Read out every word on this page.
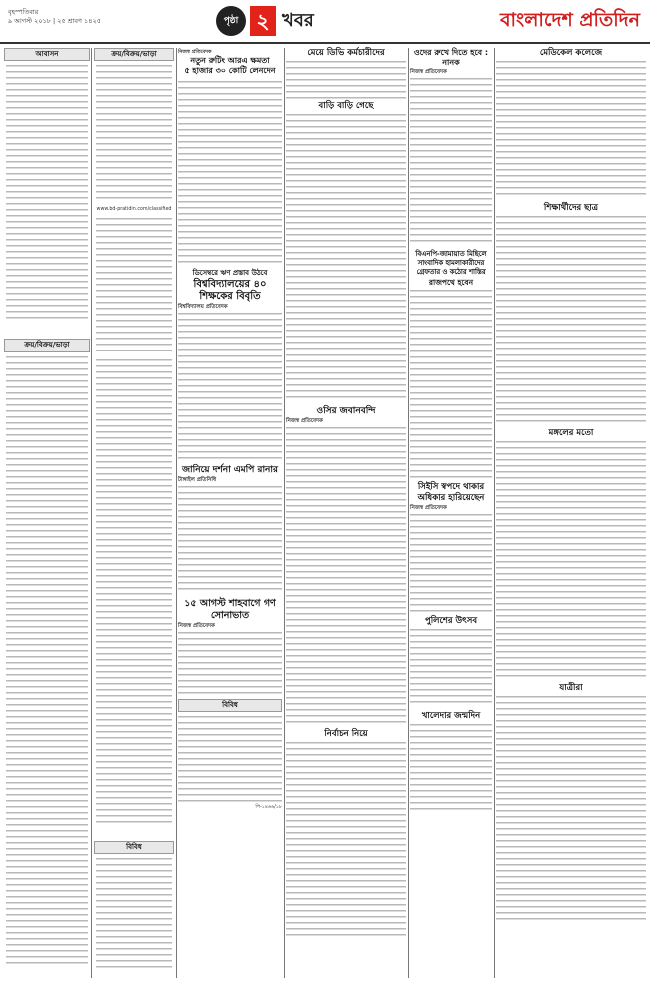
বৃহস্পতিবার
৯ আগস্ট ২০১৮ | ২৫ শ্রাবণ ১৪২৫	পৃষ্ঠা ২ খবর	বাংলাদেশ প্রতিদিন
আবাসন
ক্রয়/বিক্রয়/ভাড়া
ক্রয়/বিক্রয়/ভাড়া
www.bd-pratidin.com/classified
বিবিধ
নিজস্ব প্রতিবেদক
নতুন রুটিং আরএ ক্ষমতা
৫ হাজার ৩০ কোটি লেনদেন
ডিসেম্বরে ঋণ প্রস্তাব উঠবে
বিশ্ববিদ্যালয়ের ৪০ শিক্ষকের বিবৃতি
বিশ্ববিদ্যালয় প্রতিবেদক
জানিয়ে দর্শনা এমপি রানার
টাঙ্গাইল প্রতিনিধি
১৫ আগস্ট শাহবাগে গণ সোনাভাত
নিজস্ব প্রতিবেদক
বিবিধ
পি-১৪৬৬/১৮
মেয়ে ডিভি কর্মচারীদের
বাড়ি বাড়ি গেছে
ওসির জবানবন্দি
নিজস্ব প্রতিবেদক
নির্বাচন নিয়ে
ওদের রুখে দিতে হবে : নানক
নিজস্ব প্রতিবেদক
বিএনপি-জামায়াত মিছিলে সাংবাদিক হামলাকারীদের গ্রেফতার ও কঠোর শাস্তির
রাজপথে হবেন
সিইসি স্বপদে থাকার অধিকার হারিয়েছেন
নিজস্ব প্রতিবেদক
পুলিশের উৎসব
খালেদার জন্মদিন
মেডিকেল কলেজে
শিক্ষার্থীদের ছাত্র
মঙ্গলের মতো
যাত্রীরা
